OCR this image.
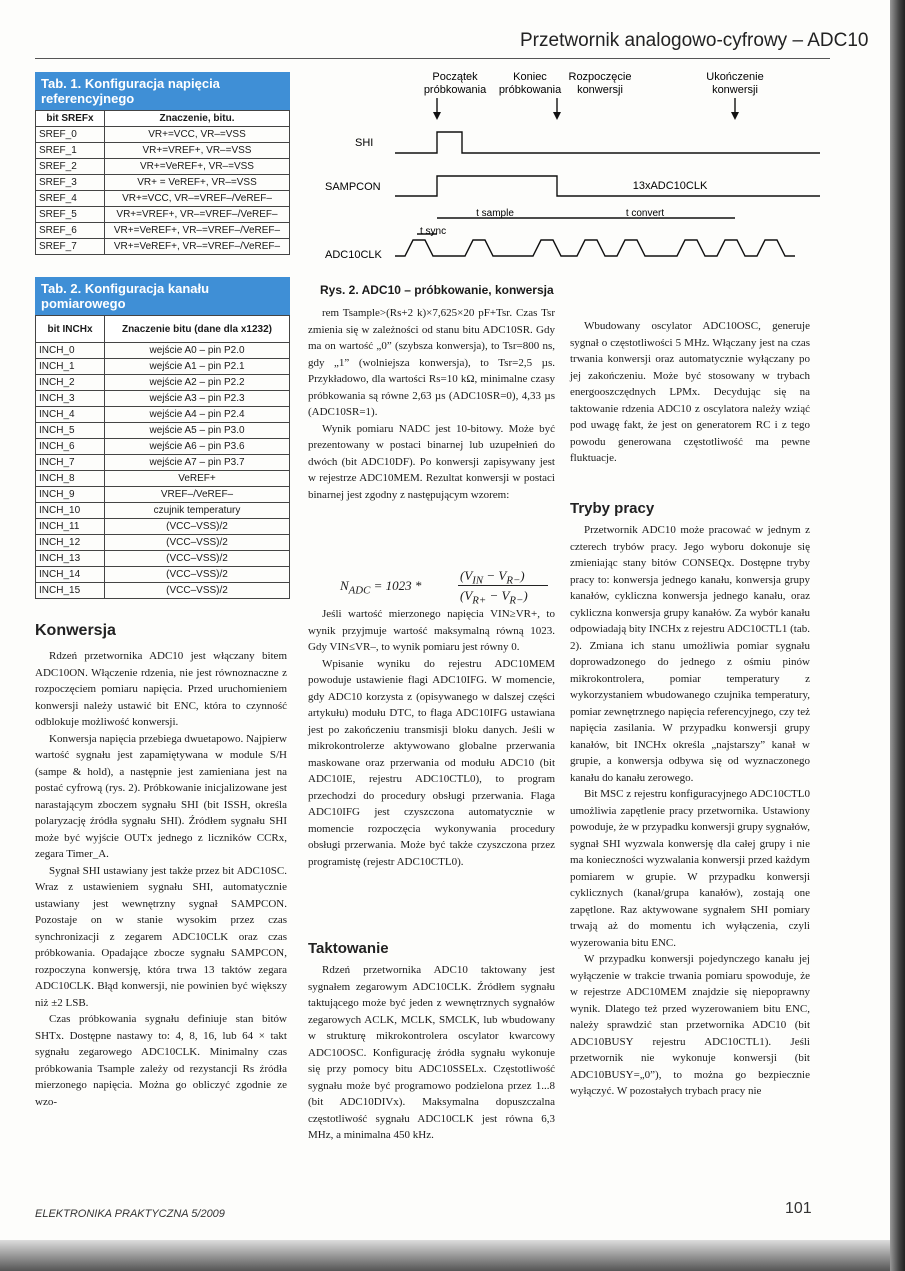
Przetwornik analogowo-cyfrowy – ADC10
Tab. 1. Konfiguracja napięcia referencyjnego
bit SREFx	Znaczenie, bitu.
SREF_0	VR+=VCC, VR–=VSS
SREF_1	VR+=VREF+, VR–=VSS
SREF_2	VR+=VeREF+, VR–=VSS
SREF_3	VR+ = VeREF+, VR–=VSS
SREF_4	VR+=VCC, VR–=VREF–/VeREF–
SREF_5	VR+=VREF+, VR–=VREF–/VeREF–
SREF_6	VR+=VeREF+, VR–=VREF–/VeREF–
SREF_7	VR+=VeREF+, VR–=VREF–/VeREF–
Tab. 2. Konfiguracja kanału pomiarowego
bit INCHx	Znaczenie bitu (dane dla x1232)
INCH_0	wejście A0 – pin P2.0
INCH_1	wejście A1 – pin P2.1
INCH_2	wejście A2 – pin P2.2
INCH_3	wejście A3 – pin P2.3
INCH_4	wejście A4 – pin P2.4
INCH_5	wejście A5 – pin P3.0
INCH_6	wejście A6 – pin P3.6
INCH_7	wejście A7 – pin P3.7
INCH_8	VeREF+
INCH_9	VREF–/VeREF–
INCH_10	czujnik temperatury
INCH_11	(VCC–VSS)/2
INCH_12	(VCC–VSS)/2
INCH_13	(VCC–VSS)/2
INCH_14	(VCC–VSS)/2
INCH_15	(VCC–VSS)/2
Początek próbkowania
Koniec próbkowania
Rozpoczęcie konwersji
Ukończenie konwersji
SHI
SAMPCON
ADC10CLK
13xADC10CLK
t sample	t convert
t sync
Rys. 2. ADC10 – próbkowanie, konwersja
Konwersja

Rdzeń przetwornika ADC10 jest włączany bitem ADC10ON. Włączenie rdzenia, nie jest równoznaczne z rozpoczęciem pomiaru napięcia. Przed uruchomieniem konwersji należy ustawić bit ENC, która to czynność odblokuje możliwość konwersji.

Konwersja napięcia przebiega dwuetapowo. Najpierw wartość sygnału jest zapamiętywana w module S/H (sampe & hold), a następnie jest zamieniana jest na postać cyfrową (rys. 2). Próbkowanie inicjalizowane jest narastającym zboczem sygnału SHI (bit ISSH, określa polaryzację źródła sygnału SHI). Źródłem sygnału SHI może być wyjście OUTx jednego z liczników CCRx, zegara Timer_A.

Sygnał SHI ustawiany jest także przez bit ADC10SC. Wraz z ustawieniem sygnału SHI, automatycznie ustawiany jest wewnętrzny sygnał SAMPCON. Pozostaje on w stanie wysokim przez czas synchronizacji z zegarem ADC10CLK oraz czas próbkowania. Opadające zbocze sygnału SAMPCON, rozpoczyna konwersję, która trwa 13 taktów zegara ADC10CLK. Błąd konwersji, nie powinien być większy niż ±2 LSB.

Czas próbkowania sygnału definiuje stan bitów SHTx. Dostępne nastawy to: 4, 8, 16, lub 64 × takt sygnału zegarowego ADC10CLK. Minimalny czas próbkowania Tsample zależy od rezystancji Rs źródła mierzonego napięcia. Można go obliczyć zgodnie ze wzo-

rem Tsample>(Rs+2 k)×7,625×20 pF+Tsr. Czas Tsr zmienia się w zależności od stanu bitu ADC10SR. Gdy ma on wartość „0” (szybsza konwersja), to Tsr=800 ns, gdy „1” (wolniejsza konwersja), to Tsr=2,5 µs. Przykładowo, dla wartości Rs=10 kΩ, minimalne czasy próbkowania są równe 2,63 µs (ADC10SR=0), 4,33 µs (ADC10SR=1).

Wynik pomiaru NADC jest 10-bitowy. Może być prezentowany w postaci binarnej lub uzupełnień do dwóch (bit ADC10DF). Po konwersji zapisywany jest w rejestrze ADC10MEM. Rezultat konwersji w postaci binarnej jest zgodny z następującym wzorem:

$N_{ADC} = 1023$ *
$(V_{IN} - V_{R-})$
$(V_{R+} - V_{R-})$

Jeśli wartość mierzonego napięcia VIN≥VR+, to wynik przyjmuje wartość maksymalną równą 1023. Gdy VIN≤VR–, to wynik pomiaru jest równy 0.

Wpisanie wyniku do rejestru ADC10MEM powoduje ustawienie flagi ADC10IFG. W momencie, gdy ADC10 korzysta z (opisywanego w dalszej części artykułu) modułu DTC, to flaga ADC10IFG ustawiana jest po zakończeniu transmisji bloku danych. Jeśli w mikrokontrolerze aktywowano globalne przerwania maskowane oraz przerwania od modułu ADC10 (bit ADC10IE, rejestru ADC10CTL0), to program przechodzi do procedury obsługi przerwania. Flaga ADC10IFG jest czyszczona automatycznie w momencie rozpoczęcia wykonywania procedury obsługi przerwania. Może być także czyszczona przez programistę (rejestr ADC10CTL0).

Taktowanie

Rdzeń przetwornika ADC10 taktowany jest sygnałem zegarowym ADC10CLK. Źródłem sygnału taktującego może być jeden z wewnętrznych sygnałów zegarowych ACLK, MCLK, SMCLK, lub wbudowany w strukturę mikrokontrolera oscylator kwarcowy ADC10OSC. Konfigurację źródła sygnału wykonuje się przy pomocy bitu ADC10SSELx. Częstotliwość sygnału może być programowo podzielona przez 1...8 (bit ADC10DIVx). Maksymalna dopuszczalna częstotliwość sygnału ADC10CLK jest równa 6,3 MHz, a minimalna 450 kHz.

Wbudowany oscylator ADC10OSC, generuje sygnał o częstotliwości 5 MHz. Włączany jest na czas trwania konwersji oraz automatycznie wyłączany po jej zakończeniu. Może być stosowany w trybach energooszczędnych LPMx. Decydując się na taktowanie rdzenia ADC10 z oscylatora należy wziąć pod uwagę fakt, że jest on generatorem RC i z tego powodu generowana częstotliwość ma pewne fluktuacje.

Tryby pracy

Przetwornik ADC10 może pracować w jednym z czterech trybów pracy. Jego wyboru dokonuje się zmieniając stany bitów CONSEQx. Dostępne tryby pracy to: konwersja jednego kanału, konwersja grupy kanałów, cykliczna konwersja jednego kanału, oraz cykliczna konwersja grupy kanałów. Za wybór kanału odpowiadają bity INCHx z rejestru ADC10CTL1 (tab. 2). Zmiana ich stanu umożliwia pomiar sygnału doprowadzonego do jednego z ośmiu pinów mikrokontrolera, pomiar temperatury z wykorzystaniem wbudowanego czujnika temperatury, pomiar zewnętrznego napięcia referencyjnego, czy też napięcia zasilania. W przypadku konwersji grupy kanałów, bit INCHx określa „najstarszy” kanał w grupie, a konwersja odbywa się od wyznaczonego kanału do kanału zerowego.

Bit MSC z rejestru konfiguracyjnego ADC10CTL0 umożliwia zapętlenie pracy przetwornika. Ustawiony powoduje, że w przypadku konwersji grupy sygnałów, sygnał SHI wyzwala konwersję dla całej grupy i nie ma konieczności wyzwalania konwersji przed każdym pomiarem w grupie. W przypadku konwersji cyklicznych (kanał/grupa kanałów), zostają one zapętlone. Raz aktywowane sygnałem SHI pomiary trwają aż do momentu ich wyłączenia, czyli wyzerowania bitu ENC.

W przypadku konwersji pojedynczego kanału jej wyłączenie w trakcie trwania pomiaru spowoduje, że w rejestrze ADC10MEM znajdzie się niepoprawny wynik. Dlatego też przed wyzerowaniem bitu ENC, należy sprawdzić stan przetwornika ADC10 (bit ADC10BUSY rejestru ADC10CTL1). Jeśli przetwornik nie wykonuje konwersji (bit ADC10BUSY=„0”), to można go bezpiecznie wyłączyć. W pozostałych trybach pracy nie

ELEKTRONIKA PRAKTYCZNA 5/2009	101
